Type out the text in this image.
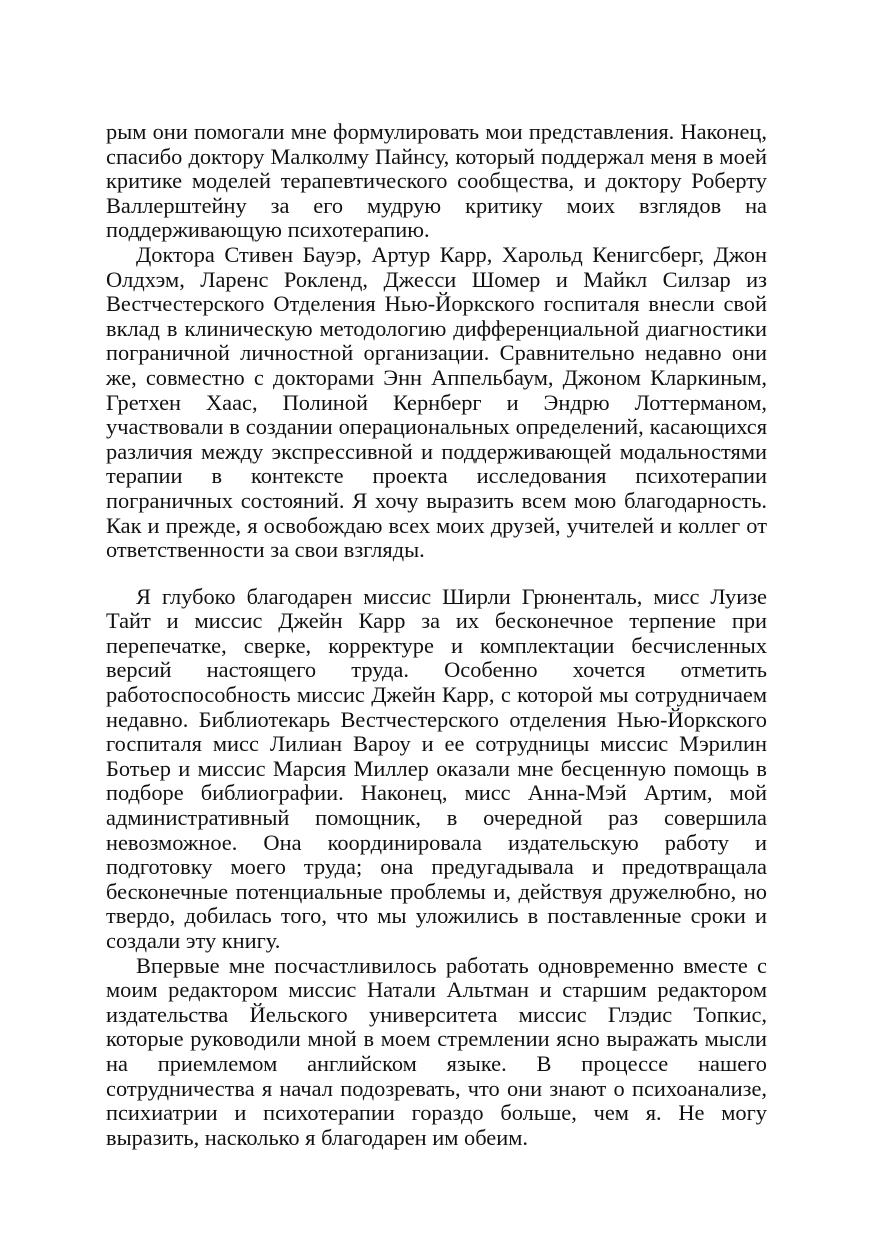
рым они помогали мне формулировать мои представления. Наконец, спасибо доктору Малколму Пайнсу, который поддержал меня в моей критике моделей терапевтического сообщества, и доктору Роберту Валлерштейну за его мудрую критику моих взглядов на поддерживающую психотерапию.

Доктора Стивен Бауэр, Артур Карр, Харольд Кенигсберг, Джон Олдхэм, Ларенс Рокленд, Джесси Шомер и Майкл Силзар из Вестчестерского Отделения Нью-Йоркского госпиталя внесли свой вклад в клиническую методологию дифференциальной диагностики пограничной личностной организации. Сравнительно недавно они же, совместно с докторами Энн Аппельбаум, Джоном Кларкиным, Гретхен Хаас, Полиной Кернберг и Эндрю Лоттерманом, участвовали в создании операциональных определений, касающихся различия между экспрессивной и поддерживающей модальностями терапии в контексте проекта исследования психотерапии пограничных состояний. Я хочу выразить всем мою благодарность. Как и прежде, я освобождаю всех моих друзей, учителей и коллег от ответственности за свои взгляды.

Я глубоко благодарен миссис Ширли Грюненталь, мисс Луизе Тайт и миссис Джейн Карр за их бесконечное терпение при перепечатке, сверке, корректуре и комплектации бесчисленных версий настоящего труда. Особенно хочется отметить работоспособность миссис Джейн Карр, с которой мы сотрудничаем недавно. Библиотекарь Вестчестерского отделения Нью-Йоркского госпиталя мисс Лилиан Вароу и ее сотрудницы миссис Мэрилин Ботьер и миссис Марсия Миллер оказали мне бесценную помощь в подборе библиографии. Наконец, мисс Анна-Мэй Артим, мой административный помощник, в очередной раз совершила невозможное. Она координировала издательскую работу и подготовку моего труда; она предугадывала и предотвращала бесконечные потенциальные проблемы и, действуя дружелюбно, но твердо, добилась того, что мы уложились в поставленные сроки и создали эту книгу.

Впервые мне посчастливилось работать одновременно вместе с моим редактором миссис Натали Альтман и старшим редактором издательства Йельского университета миссис Глэдис Топкис, которые руководили мной в моем стремлении ясно выражать мысли на приемлемом английском языке. В процессе нашего сотрудничества я начал подозревать, что они знают о психоанализе, психиатрии и психотерапии гораздо больше, чем я. Не могу выразить, насколько я благодарен им обеим.
